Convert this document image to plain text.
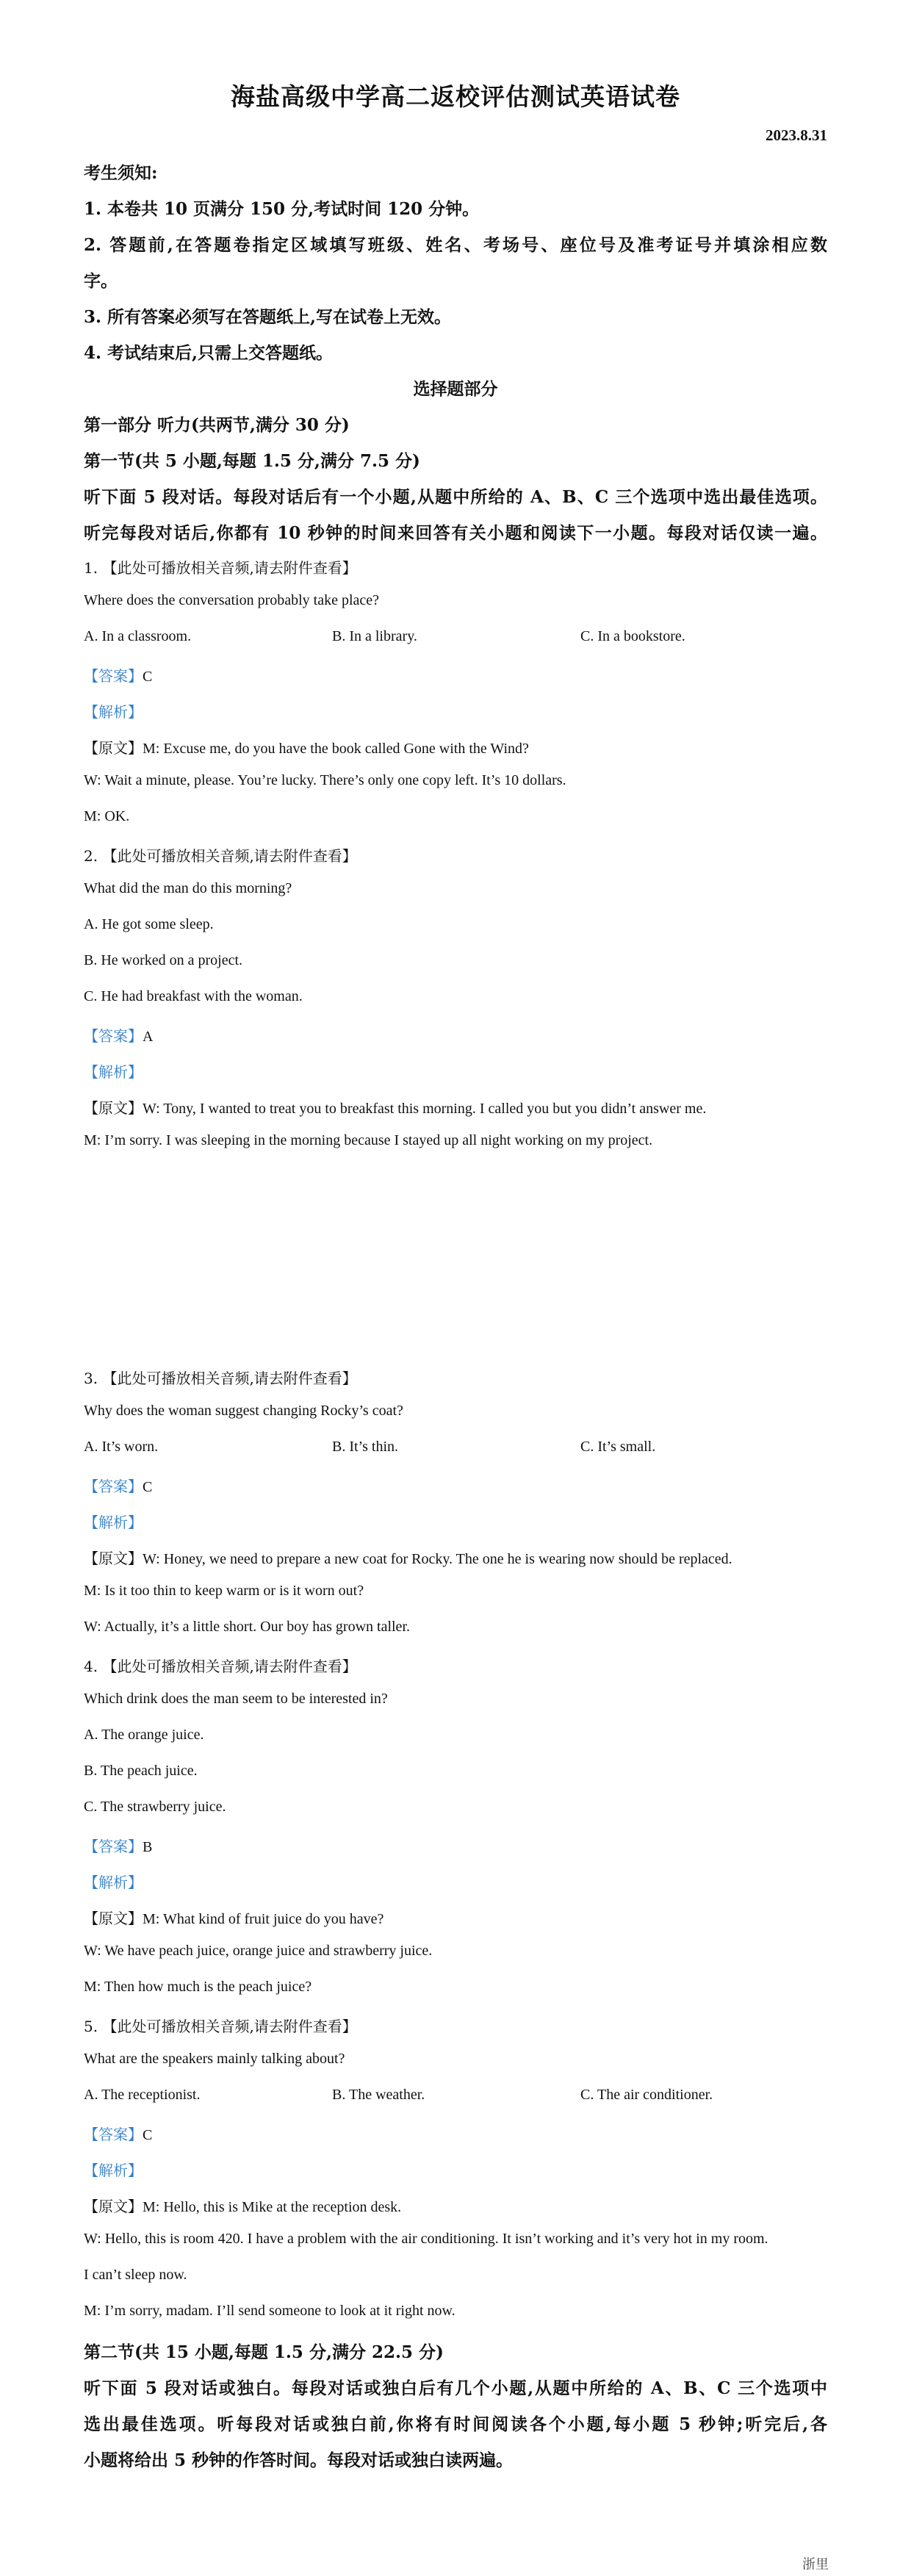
海盐高级中学高二返校评估测试英语试卷
2023.8.31
考生须知:
1. 本卷共 10 页满分 150 分,考试时间 120 分钟。
2. 答题前,在答题卷指定区域填写班级、姓名、考场号、座位号及准考证号并填涂相应数
字。
3. 所有答案必须写在答题纸上,写在试卷上无效。
4. 考试结束后,只需上交答题纸。
选择题部分
第一部分 听力(共两节,满分 30 分)
第一节(共 5 小题,每题 1.5 分,满分 7.5 分)
听下面 5 段对话。每段对话后有一个小题,从题中所给的 A、B、C 三个选项中选出最佳选项。
听完每段对话后,你都有 10 秒钟的时间来回答有关小题和阅读下一小题。每段对话仅读一遍。
1. 【此处可播放相关音频,请去附件查看】
Where does the conversation probably take place?
A. In a classroom.	B. In a library.	C. In a bookstore.
【答案】C
【解析】
【原文】M: Excuse me, do you have the book called Gone with the Wind?
W: Wait a minute, please. You’re lucky. There’s only one copy left. It’s 10 dollars.
M: OK.
2. 【此处可播放相关音频,请去附件查看】
What did the man do this morning?
A. He got some sleep.
B. He worked on a project.
C. He had breakfast with the woman.
【答案】A
【解析】
【原文】W: Tony, I wanted to treat you to breakfast this morning. I called you but you didn’t answer me.
M: I’m sorry. I was sleeping in the morning because I stayed up all night working on my project.
3. 【此处可播放相关音频,请去附件查看】
Why does the woman suggest changing Rocky’s coat?
A. It’s worn.	B. It’s thin.	C. It’s small.
【答案】C
【解析】
【原文】W: Honey, we need to prepare a new coat for Rocky. The one he is wearing now should be replaced.
M: Is it too thin to keep warm or is it worn out?
W: Actually, it’s a little short. Our boy has grown taller.
4. 【此处可播放相关音频,请去附件查看】
Which drink does the man seem to be interested in?
A. The orange juice.
B. The peach juice.
C. The strawberry juice.
【答案】B
【解析】
【原文】M: What kind of fruit juice do you have?
W: We have peach juice, orange juice and strawberry juice.
M: Then how much is the peach juice?
5. 【此处可播放相关音频,请去附件查看】
What are the speakers mainly talking about?
A. The receptionist.	B. The weather.	C. The air conditioner.
【答案】C
【解析】
【原文】M: Hello, this is Mike at the reception desk.
W: Hello, this is room 420. I have a problem with the air conditioning. It isn’t working and it’s very hot in my room.
I can’t sleep now.
M: I’m sorry, madam. I’ll send someone to look at it right now.
第二节(共 15 小题,每题 1.5 分,满分 22.5 分)
听下面 5 段对话或独白。每段对话或独白后有几个小题,从题中所给的 A、B、C 三个选项中
选出最佳选项。听每段对话或独白前,你将有时间阅读各个小题,每小题 5 秒钟;听完后,各
小题将给出 5 秒钟的作答时间。每段对话或独白读两遍。
浙里
